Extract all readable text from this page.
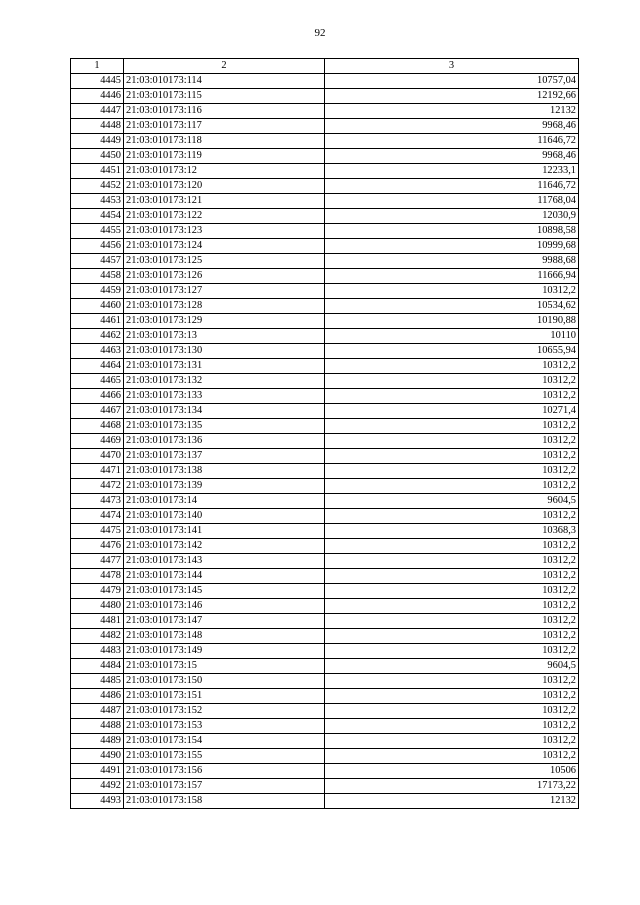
92
1	2	3
4445	21:03:010173:114	10757,04
4446	21:03:010173:115	12192,66
4447	21:03:010173:116	12132
4448	21:03:010173:117	9968,46
4449	21:03:010173:118	11646,72
4450	21:03:010173:119	9968,46
4451	21:03:010173:12	12233,1
4452	21:03:010173:120	11646,72
4453	21:03:010173:121	11768,04
4454	21:03:010173:122	12030,9
4455	21:03:010173:123	10898,58
4456	21:03:010173:124	10999,68
4457	21:03:010173:125	9988,68
4458	21:03:010173:126	11666,94
4459	21:03:010173:127	10312,2
4460	21:03:010173:128	10534,62
4461	21:03:010173:129	10190,88
4462	21:03:010173:13	10110
4463	21:03:010173:130	10655,94
4464	21:03:010173:131	10312,2
4465	21:03:010173:132	10312,2
4466	21:03:010173:133	10312,2
4467	21:03:010173:134	10271,4
4468	21:03:010173:135	10312,2
4469	21:03:010173:136	10312,2
4470	21:03:010173:137	10312,2
4471	21:03:010173:138	10312,2
4472	21:03:010173:139	10312,2
4473	21:03:010173:14	9604,5
4474	21:03:010173:140	10312,2
4475	21:03:010173:141	10368,3
4476	21:03:010173:142	10312,2
4477	21:03:010173:143	10312,2
4478	21:03:010173:144	10312,2
4479	21:03:010173:145	10312,2
4480	21:03:010173:146	10312,2
4481	21:03:010173:147	10312,2
4482	21:03:010173:148	10312,2
4483	21:03:010173:149	10312,2
4484	21:03:010173:15	9604,5
4485	21:03:010173:150	10312,2
4486	21:03:010173:151	10312,2
4487	21:03:010173:152	10312,2
4488	21:03:010173:153	10312,2
4489	21:03:010173:154	10312,2
4490	21:03:010173:155	10312,2
4491	21:03:010173:156	10506
4492	21:03:010173:157	17173,22
4493	21:03:010173:158	12132
